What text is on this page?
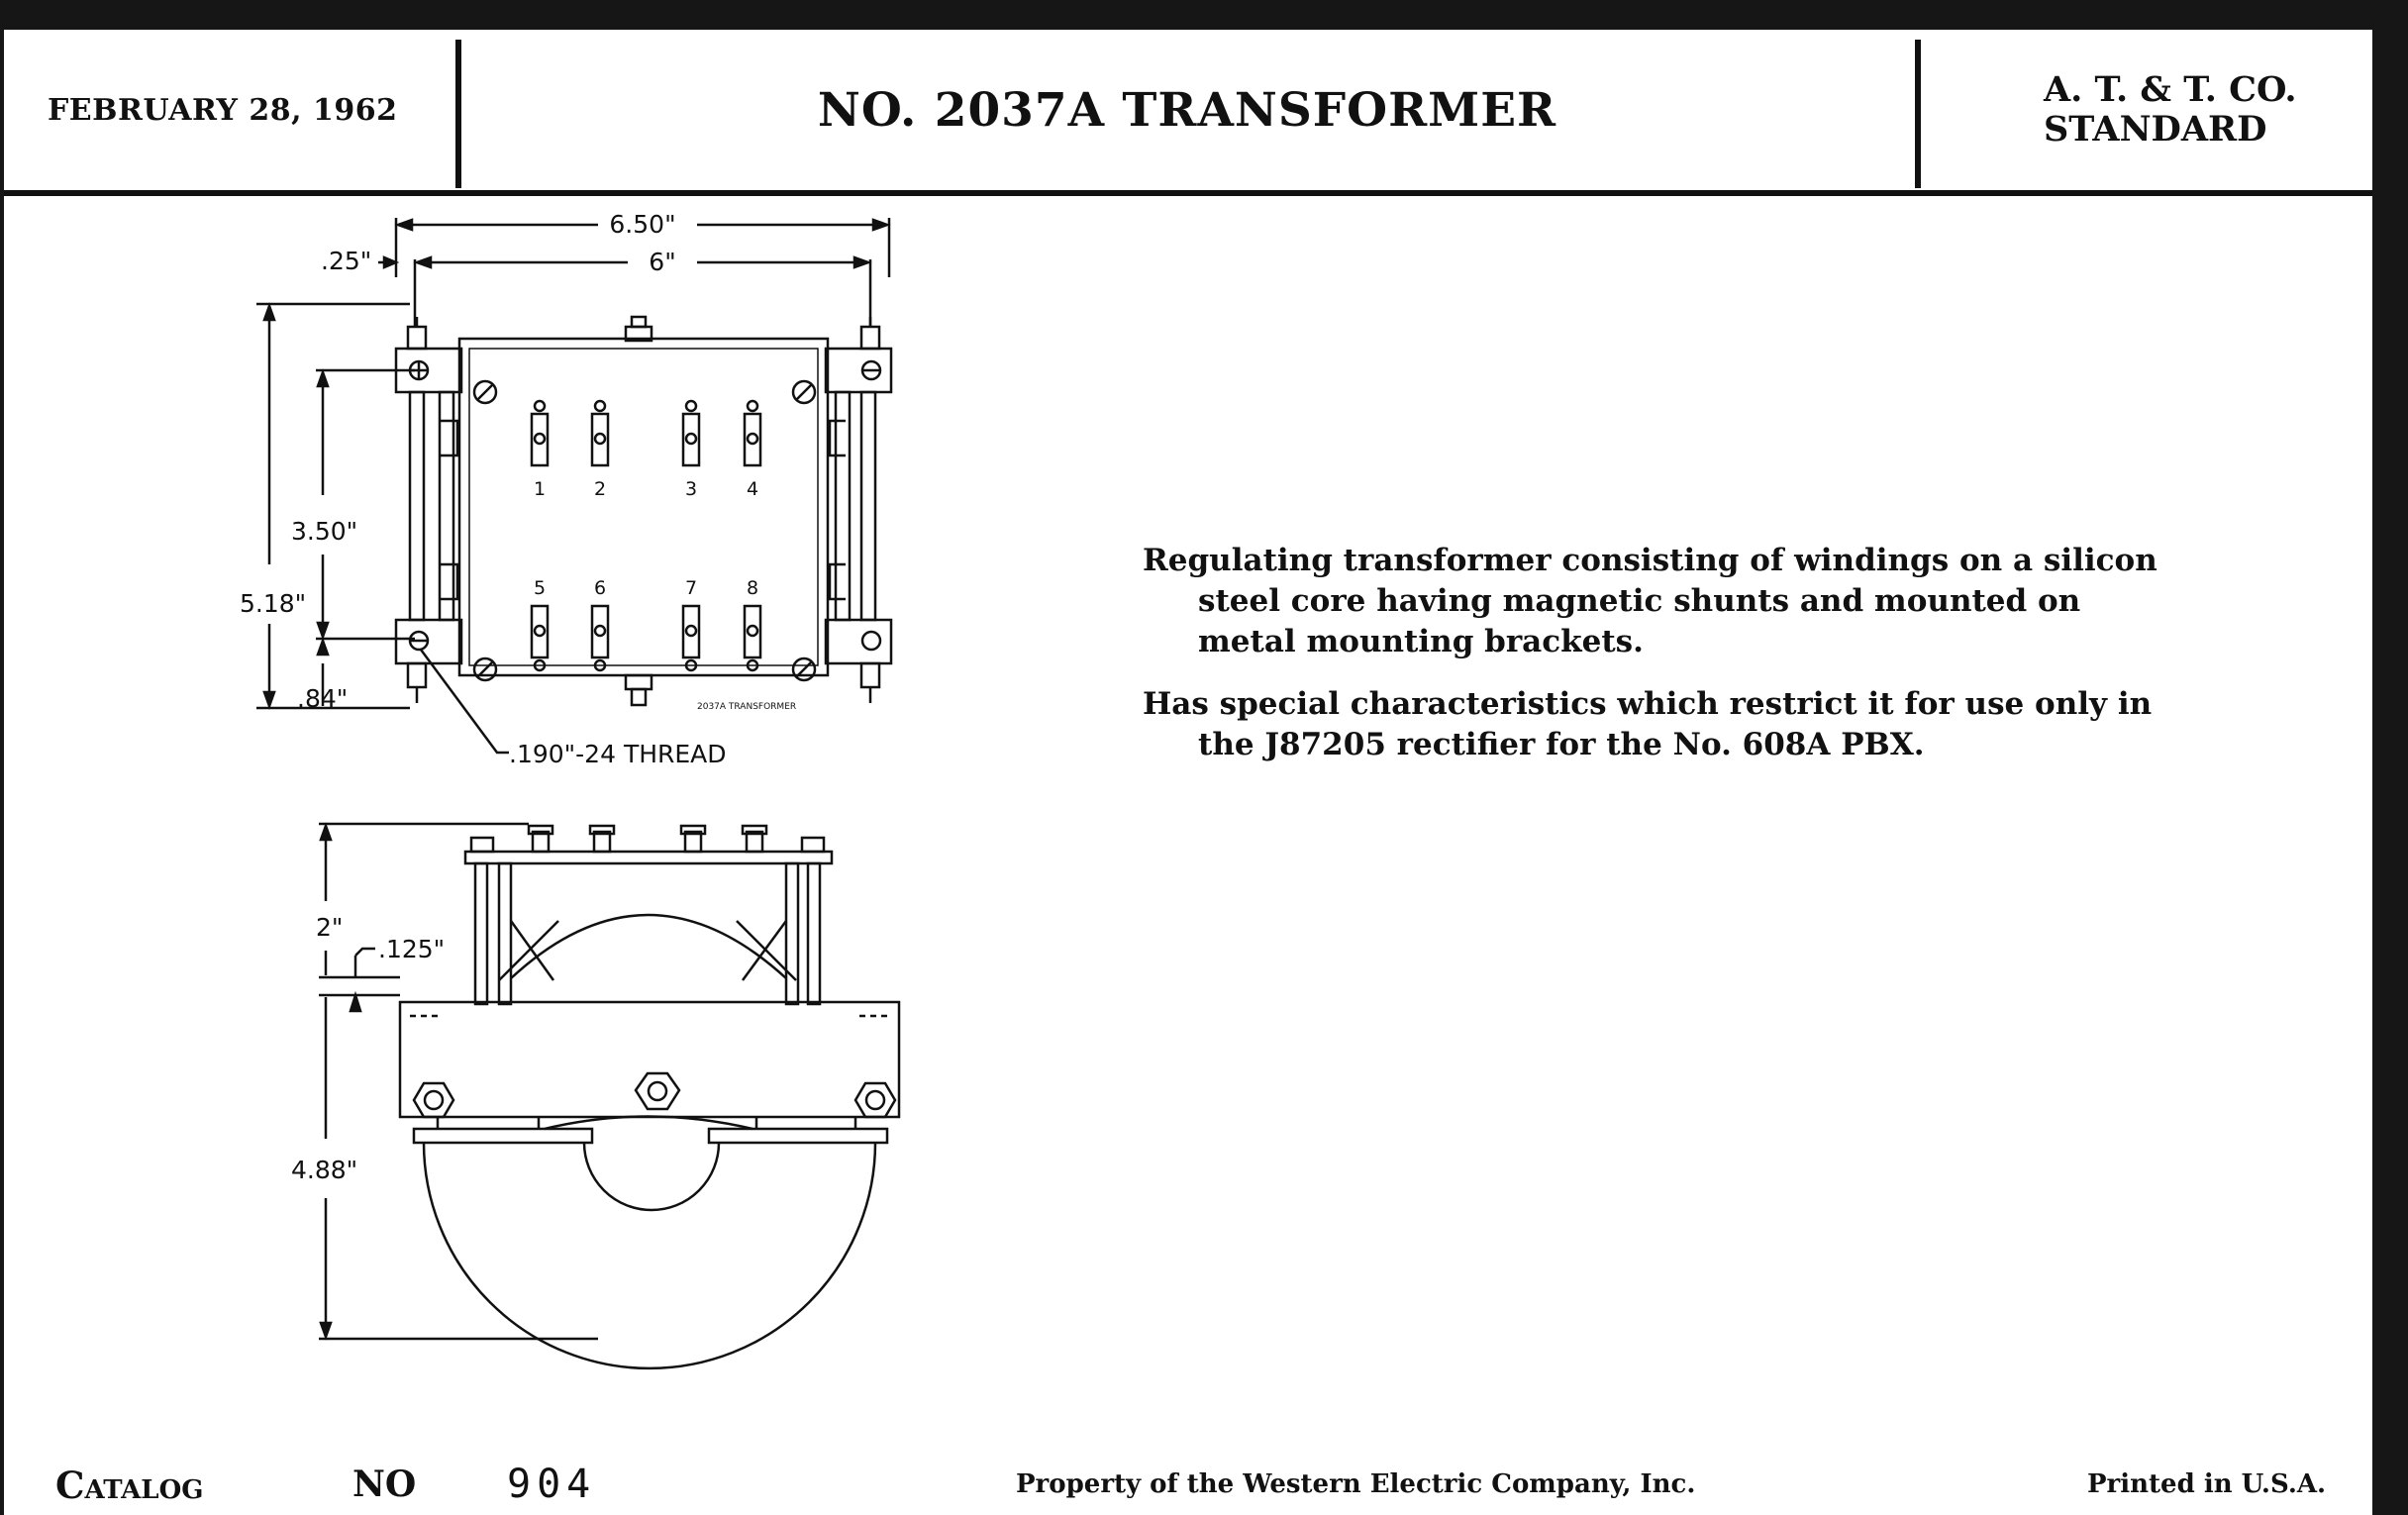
FEBRUARY 28, 1962	NO. 2037A TRANSFORMER	A. T. & T. CO.
STANDARD
6.50"
6"
.25"
5.18"
3.50"
.84"
.190"-24 THREAD
2037A TRANSFORMER
1	2	3	4
5	6	7	8
2"
.125"
4.88"

Regulating transformer consisting of windings on a silicon steel core having magnetic shunts and mounted on metal mounting brackets.

Has special characteristics which restrict it for use only in the J87205 rectifier for the No. 608A PBX.

Catalog	NO 904	Property of the Western Electric Company, Inc.	Printed in U.S.A.
